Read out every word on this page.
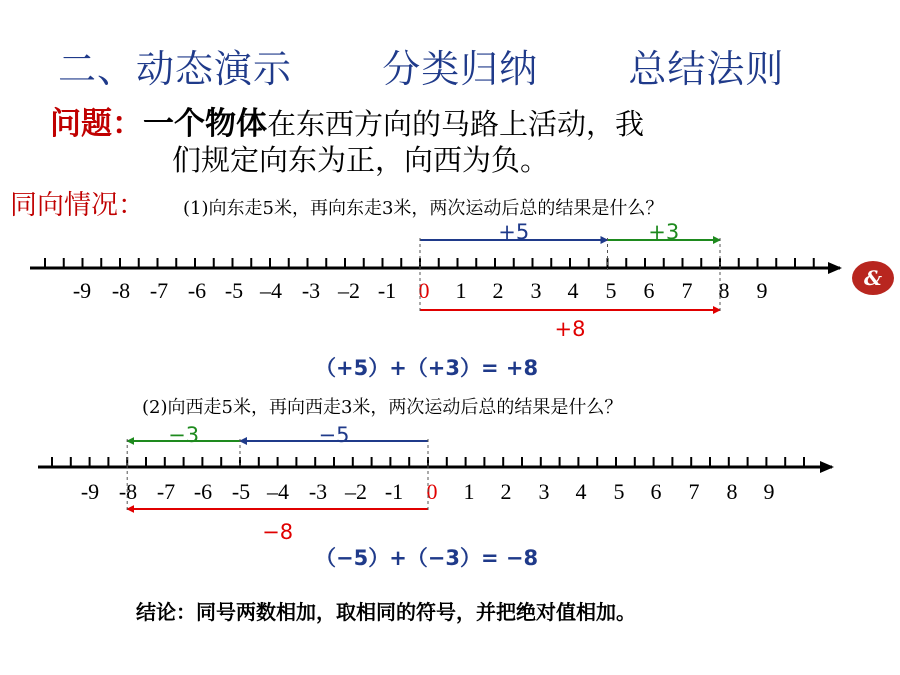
二、动态演示 分类归纳 总结法则
问题：一个物体在东西方向的马路上活动，我
们规定向东为正，向西为负。
同向情况： (1)向东走5米，再向东走3米，两次运动后总的结果是什么？
(2)向西走5米，再向西走3米，两次运动后总的结果是什么？
-9 -8 -7 -6 -5 –4 -3 –2 -1 0 1 2 3 4 5 6 7 8 9
+5	+3
+8
-9 -8 -7 -6 -5 –4 -3 –2 -1 0 1 2 3 4 5 6 7 8 9
−5
−3
−8
（+5）+（+3）= +8
（−5）+（−3）= −8
结论：同号两数相加，取相同的符号，并把绝对值相加。
&
